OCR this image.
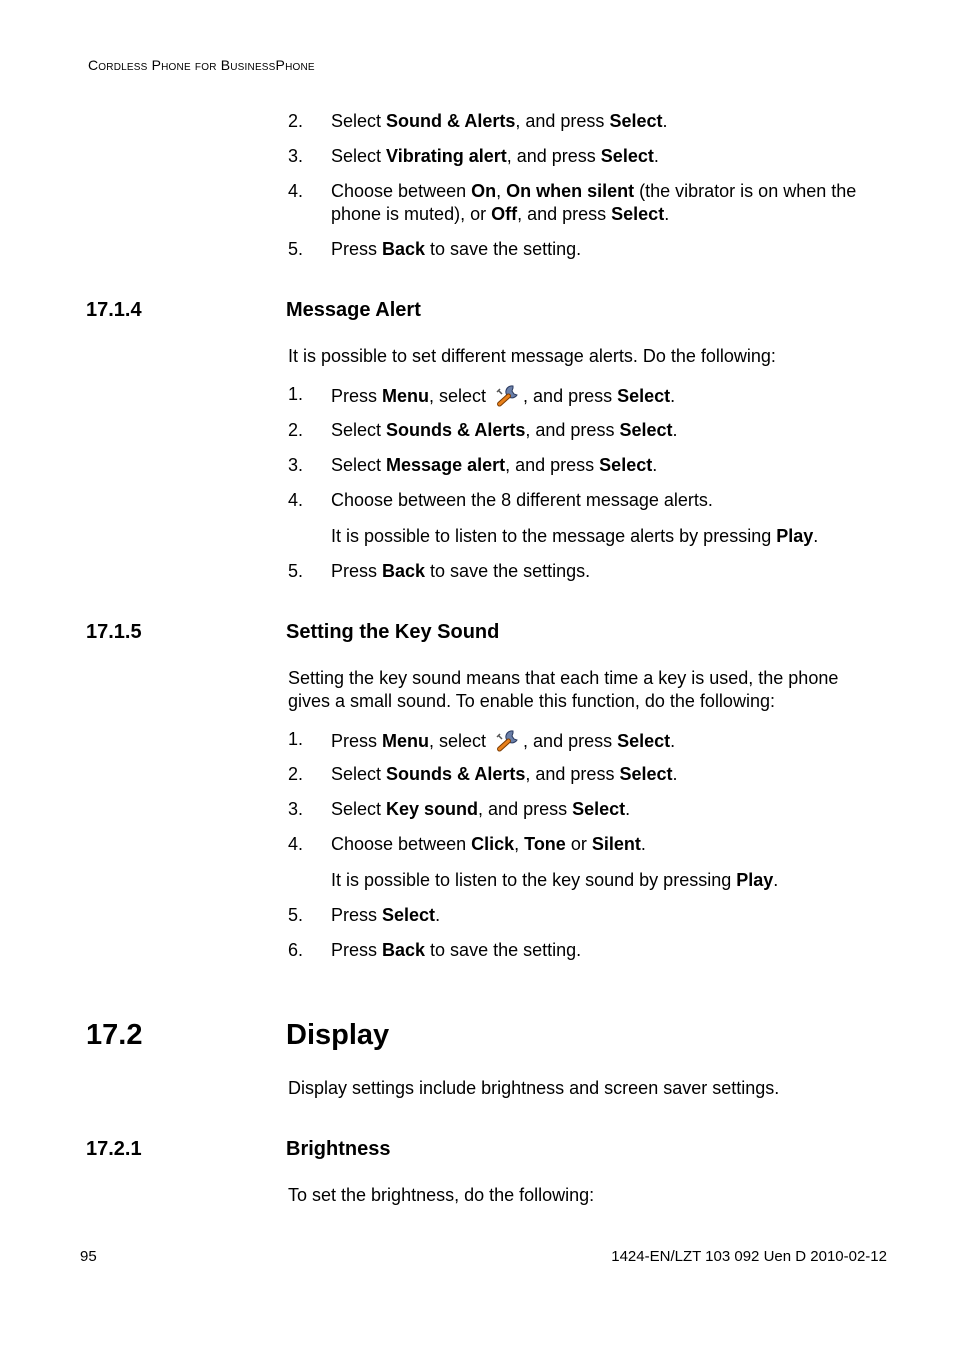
Cordless Phone for BusinessPhone
2. Select Sound & Alerts, and press Select.
3. Select Vibrating alert, and press Select.
4. Choose between On, On when silent (the vibrator is on when the
phone is muted), or Off, and press Select.
5. Press Back to save the setting.
17.1.4	Message Alert
It is possible to set different message alerts. Do the following:
1. Press Menu, select , and press Select.
2. Select Sounds & Alerts, and press Select.
3. Select Message alert, and press Select.
4. Choose between the 8 different message alerts.
It is possible to listen to the message alerts by pressing Play.
5. Press Back to save the settings.
17.1.5	Setting the Key Sound
Setting the key sound means that each time a key is used, the phone
gives a small sound. To enable this function, do the following:
1. Press Menu, select , and press Select.
2. Select Sounds & Alerts, and press Select.
3. Select Key sound, and press Select.
4. Choose between Click, Tone or Silent.
It is possible to listen to the key sound by pressing Play.
5. Press Select.
6. Press Back to save the setting.
17.2	Display
Display settings include brightness and screen saver settings.
17.2.1	Brightness
To set the brightness, do the following:
95	1424-EN/LZT 103 092 Uen D 2010-02-12
